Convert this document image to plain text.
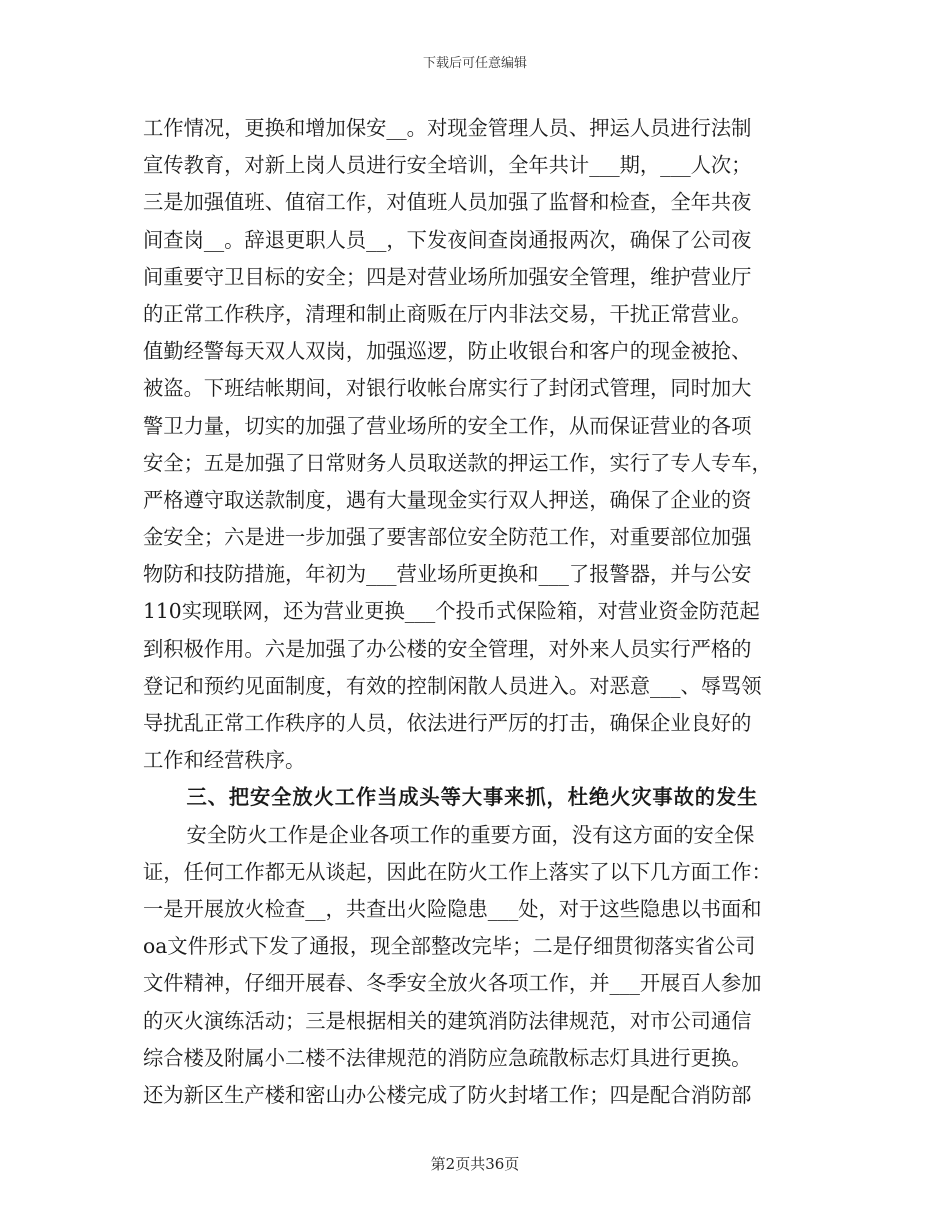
下载后可任意编辑
工作情况，更换和增加保安__。对现金管理人员、押运人员进行法制
宣传教育，对新上岗人员进行安全培训，全年共计___期，___人次；
三是加强值班、值宿工作，对值班人员加强了监督和检查，全年共夜
间查岗__。辞退更职人员__，下发夜间查岗通报两次，确保了公司夜
间重要守卫目标的安全；四是对营业场所加强安全管理，维护营业厅
的正常工作秩序，清理和制止商贩在厅内非法交易，干扰正常营业。
值勤经警每天双人双岗，加强巡逻，防止收银台和客户的现金被抢、
被盗。下班结帐期间，对银行收帐台席实行了封闭式管理，同时加大
警卫力量，切实的加强了营业场所的安全工作，从而保证营业的各项
安全；五是加强了日常财务人员取送款的押运工作，实行了专人专车，
严格遵守取送款制度，遇有大量现金实行双人押送，确保了企业的资
金安全；六是进一步加强了要害部位安全防范工作，对重要部位加强
物防和技防措施，年初为___营业场所更换和___了报警器，并与公安
110实现联网，还为营业更换___个投币式保险箱，对营业资金防范起
到积极作用。六是加强了办公楼的安全管理，对外来人员实行严格的
登记和预约见面制度，有效的控制闲散人员进入。对恶意___、辱骂领
导扰乱正常工作秩序的人员，依法进行严厉的打击，确保企业良好的
工作和经营秩序。
三、把安全放火工作当成头等大事来抓，杜绝火灾事故的发生
安全防火工作是企业各项工作的重要方面，没有这方面的安全保
证，任何工作都无从谈起，因此在防火工作上落实了以下几方面工作：
一是开展放火检查__，共查出火险隐患___处，对于这些隐患以书面和
oa文件形式下发了通报，现全部整改完毕；二是仔细贯彻落实省公司
文件精神，仔细开展春、冬季安全放火各项工作，并___开展百人参加
的灭火演练活动；三是根据相关的建筑消防法律规范，对市公司通信
综合楼及附属小二楼不法律规范的消防应急疏散标志灯具进行更换。
还为新区生产楼和密山办公楼完成了防火封堵工作；四是配合消防部
第2页共36页
